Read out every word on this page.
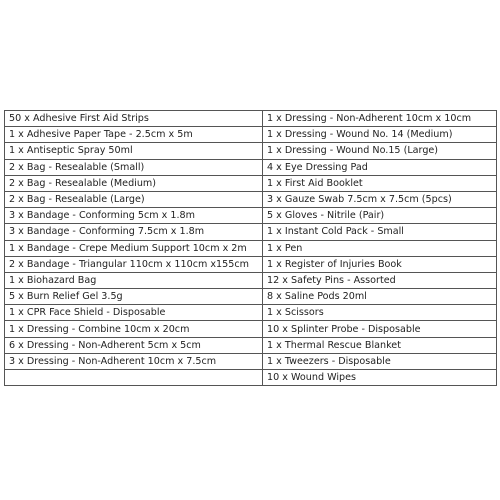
50 x Adhesive First Aid Strips	1 x Dressing - Non-Adherent 10cm x 10cm
1 x Adhesive Paper Tape - 2.5cm x 5m	1 x Dressing - Wound No. 14 (Medium)
1 x Antiseptic Spray 50ml	1 x Dressing - Wound No.15 (Large)
2 x Bag - Resealable (Small)	4 x Eye Dressing Pad
2 x Bag - Resealable (Medium)	1 x First Aid Booklet
2 x Bag - Resealable (Large)	3 x Gauze Swab 7.5cm x 7.5cm (5pcs)
3 x Bandage - Conforming 5cm x 1.8m	5 x Gloves - Nitrile (Pair)
3 x Bandage - Conforming 7.5cm x 1.8m	1 x Instant Cold Pack - Small
1 x Bandage - Crepe Medium Support 10cm x 2m	1 x Pen
2 x Bandage - Triangular 110cm x 110cm x155cm	1 x Register of Injuries Book
1 x Biohazard Bag	12 x Safety Pins - Assorted
5 x Burn Relief Gel 3.5g	8 x Saline Pods 20ml
1 x CPR Face Shield - Disposable	1 x Scissors
1 x Dressing - Combine 10cm x 20cm	10 x Splinter Probe - Disposable
6 x Dressing - Non-Adherent 5cm x 5cm	1 x Thermal Rescue Blanket
3 x Dressing - Non-Adherent 10cm x 7.5cm	1 x Tweezers - Disposable
	10 x Wound Wipes
